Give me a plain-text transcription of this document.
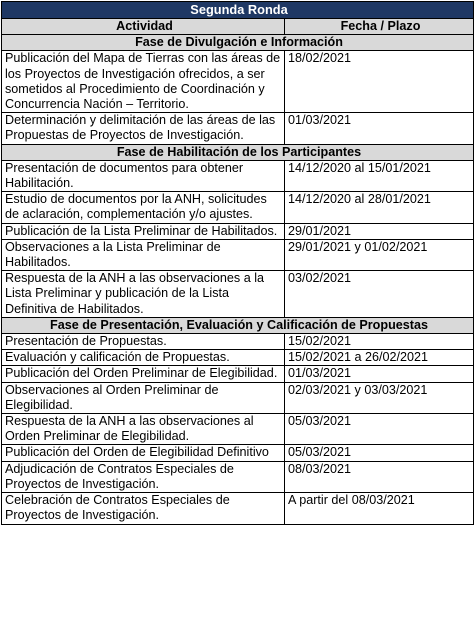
Segunda Ronda	
Actividad	Fecha / Plazo
Fase de Divulgación e Información	
Publicación del Mapa de Tierras con las áreas de los Proyectos de Investigación ofrecidos, a ser sometidos al Procedimiento de Coordinación y Concurrencia Nación – Territorio.	18/02/2021
Determinación y delimitación de las áreas de las Propuestas de Proyectos de Investigación.	01/03/2021
Fase de Habilitación de los Participantes	
Presentación de documentos para obtener Habilitación.	14/12/2020 al 15/01/2021
Estudio de documentos por la ANH, solicitudes de aclaración, complementación y/o ajustes.	14/12/2020 al 28/01/2021
Publicación de la Lista Preliminar de Habilitados.	29/01/2021
Observaciones a la Lista Preliminar de Habilitados.	29/01/2021 y 01/02/2021
Respuesta de la ANH a las observaciones a la Lista Preliminar y publicación de la Lista Definitiva de Habilitados.	03/02/2021
Fase de Presentación, Evaluación y Calificación de Propuestas	
Presentación de Propuestas.	15/02/2021
Evaluación y calificación de Propuestas.	15/02/2021 a 26/02/2021
Publicación del Orden Preliminar de Elegibilidad.	01/03/2021
Observaciones al Orden Preliminar de Elegibilidad.	02/03/2021 y 03/03/2021
Respuesta de la ANH a las observaciones al Orden Preliminar de Elegibilidad.	05/03/2021
Publicación del Orden de Elegibilidad Definitivo	05/03/2021
Adjudicación de Contratos Especiales de Proyectos de Investigación.	08/03/2021
Celebración de Contratos Especiales de Proyectos de Investigación.	A partir del 08/03/2021
